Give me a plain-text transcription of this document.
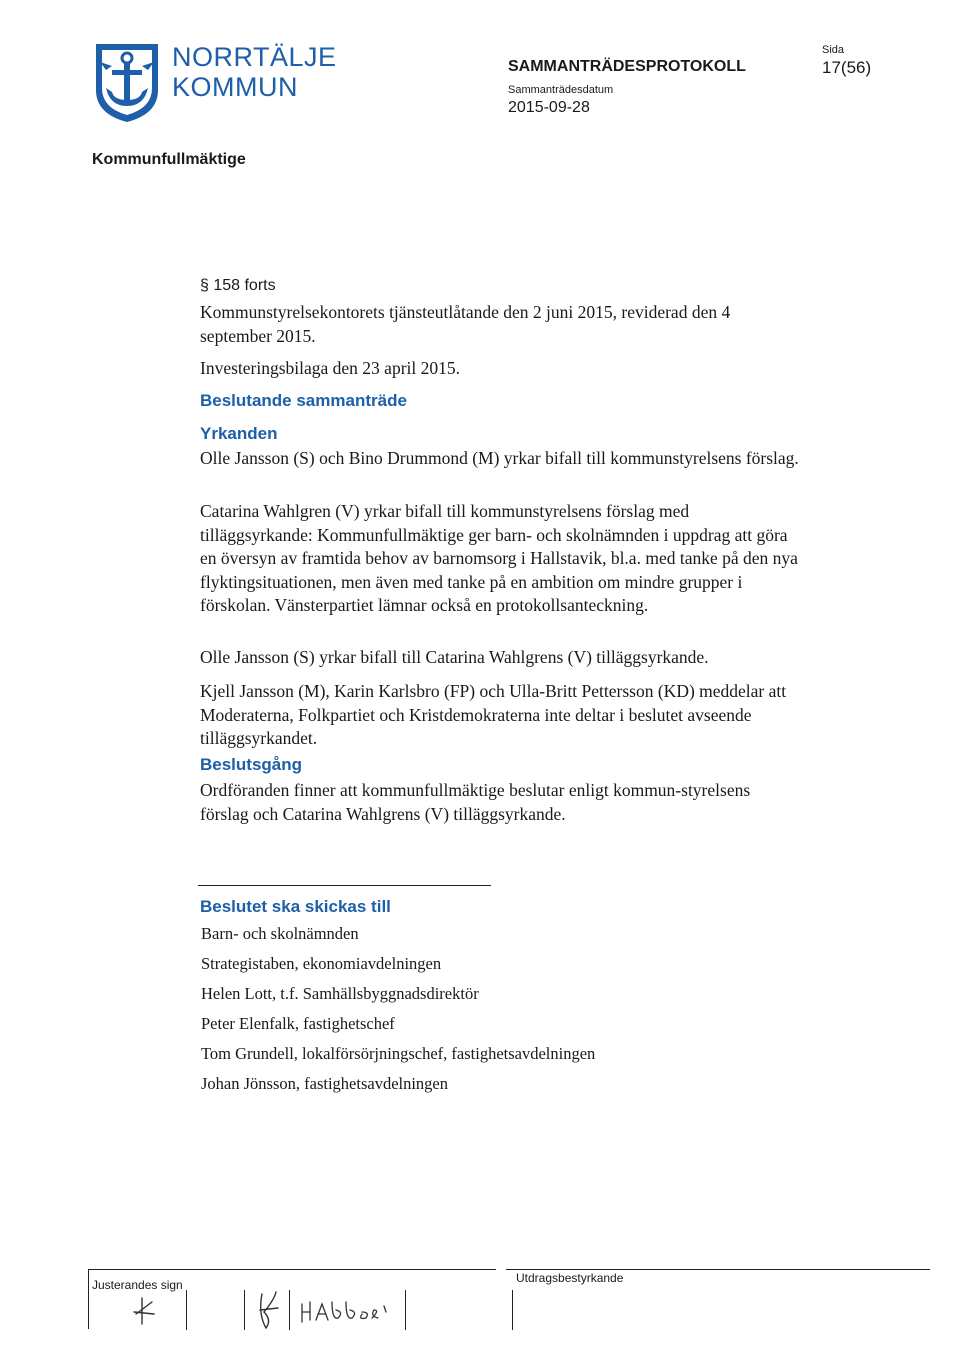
NORRTÄLJE
KOMMUN
SAMMANTRÄDESPROTOKOLL
Sammanträdesdatum
2015-09-28
Sida
17(56)
Kommunfullmäktige
§ 158 forts
Kommunstyrelsekontorets tjänsteutlåtande den 2 juni 2015, reviderad den 4 september 2015.
Investeringsbilaga den 23 april 2015.
Beslutande sammanträde
Yrkanden
Olle Jansson (S) och Bino Drummond (M) yrkar bifall till kommunstyrelsens förslag.
Catarina Wahlgren (V) yrkar bifall till kommunstyrelsens förslag med tilläggsyrkande: Kommunfullmäktige ger barn- och skolnämnden i uppdrag att göra en översyn av framtida behov av barnomsorg i Hallstavik, bl.a. med tanke på den nya flyktingsituationen, men även med tanke på en ambition om mindre grupper i förskolan. Vänsterpartiet lämnar också en protokollsanteckning.
Olle Jansson (S) yrkar bifall till Catarina Wahlgrens (V) tilläggsyrkande.
Kjell Jansson (M), Karin Karlsbro (FP) och Ulla-Britt Pettersson (KD) meddelar att Moderaterna, Folkpartiet och Kristdemokraterna inte deltar i beslutet avseende tilläggsyrkandet.
Beslutsgång
Ordföranden finner att kommunfullmäktige beslutar enligt kommun-styrelsens förslag och Catarina Wahlgrens (V) tilläggsyrkande.
Beslutet ska skickas till
Barn- och skolnämnden
Strategistaben, ekonomiavdelningen
Helen Lott, t.f. Samhällsbyggnadsdirektör
Peter Elenfalk, fastighetschef
Tom Grundell, lokalförsörjningschef, fastighetsavdelningen
Johan Jönsson, fastighetsavdelningen
Justerandes sign	Utdragsbestyrkande
